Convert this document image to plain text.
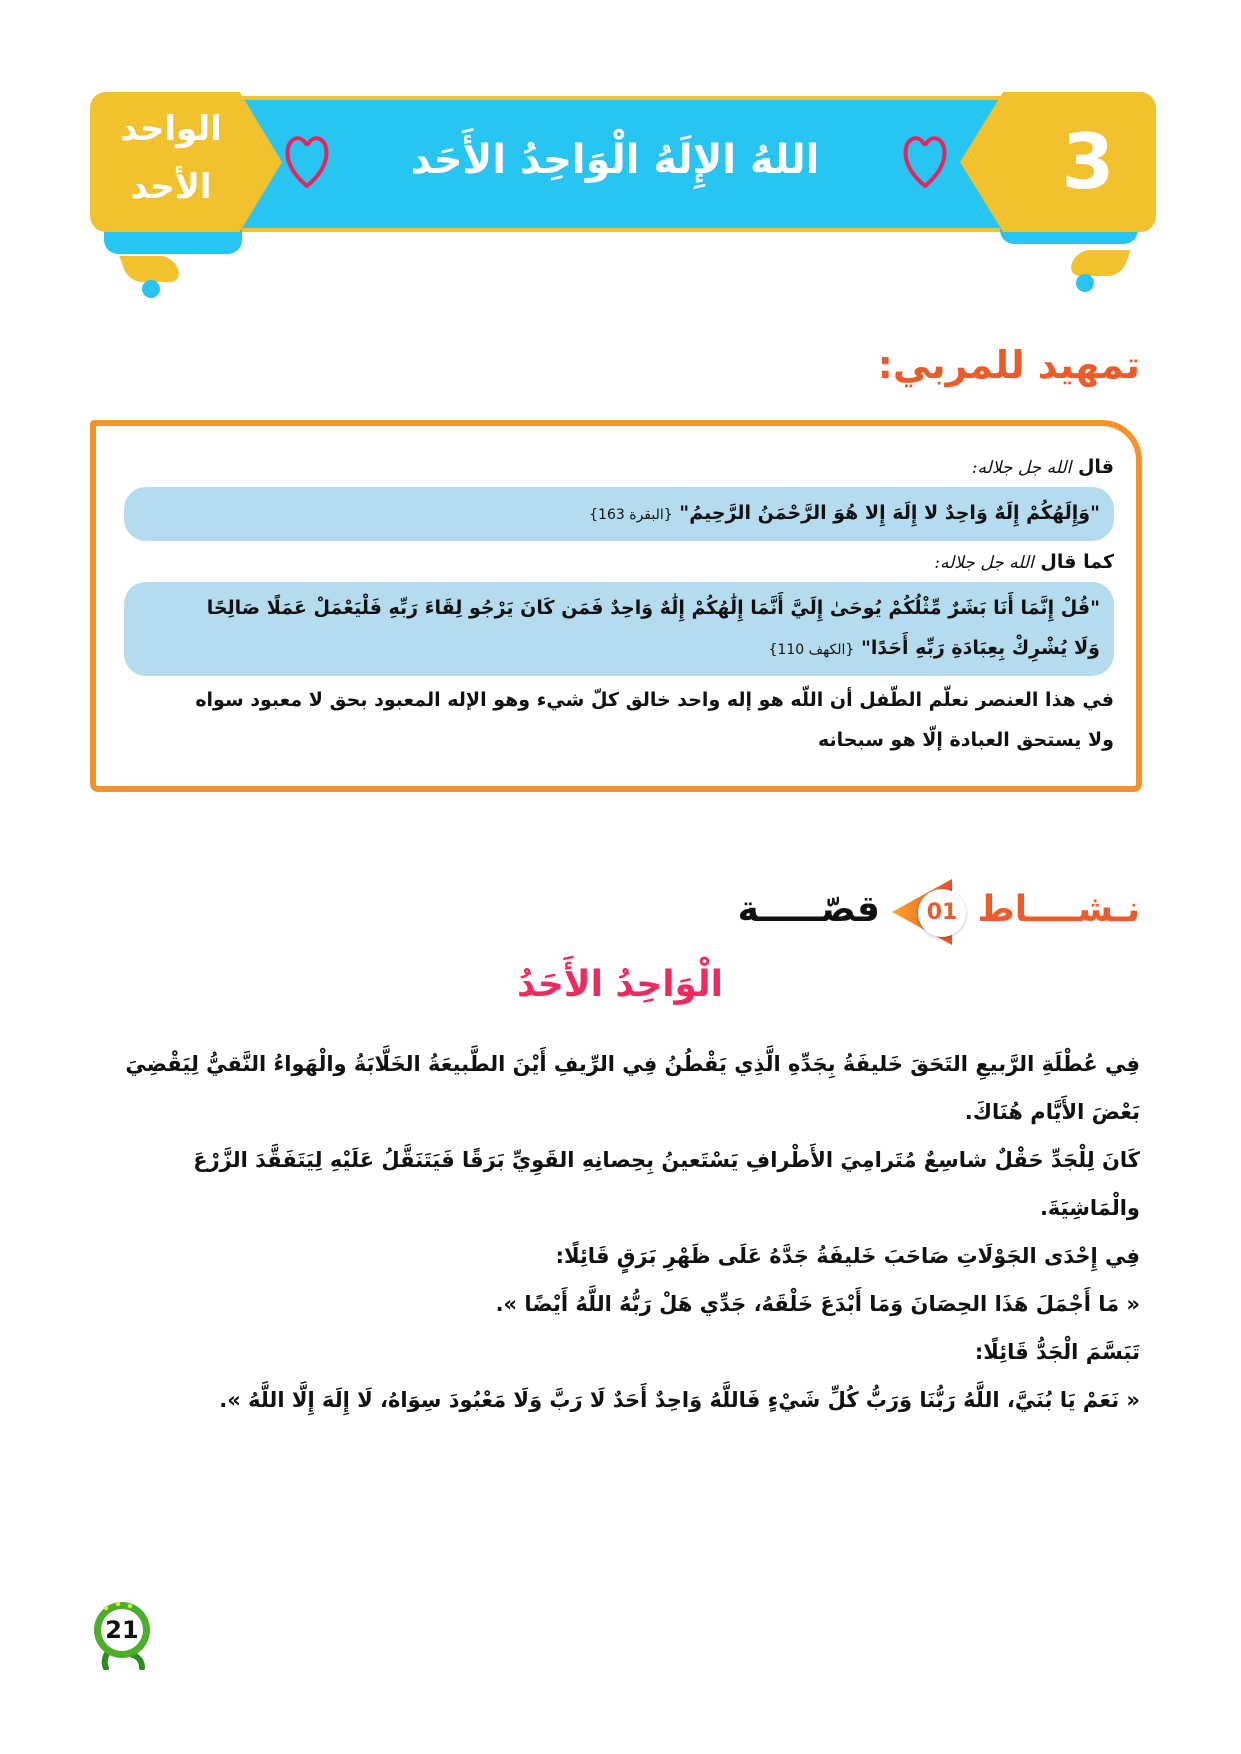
اللهُ الإِلَهُ الْوَاحِدُ الأَحَد	3
الواحد
الأحد
تمهيد للمربي:
قال الله جل جلاله:
"وَإِلَهُكُمْ إِلَهٌ وَاحِدٌ لا إِلَهَ إِلا هُوَ الرَّحْمَنُ الرَّحِيمُ" {البقرة 163}
كما قال الله جل جلاله:
"قُلْ إِنَّمَا أَنَا بَشَرٌ مِّثْلُكُمْ يُوحَىٰ إِلَيَّ أَنَّمَا إِلَٰهُكُمْ إِلَٰهٌ وَاحِدٌ فَمَن كَانَ يَرْجُو لِقَاءَ رَبِّهِ فَلْيَعْمَلْ عَمَلًا صَالِحًا
وَلَا يُشْرِكْ بِعِبَادَةِ رَبِّهِ أَحَدًا" {الكهف 110}
في هذا العنصر نعلّم الطّفل أن اللّه هو إله واحد خالق كلّ شيء وهو الإله المعبود بحق لا معبود سواه
ولا يستحق العبادة إلّا هو سبحانه
نـشــــاط
01
قصّـــــة
الْوَاحِدُ الأَحَدُ

فِي عُطْلَةِ الرَّبيعِ التَحَقَ خَليفَةُ بِجَدِّهِ الَّذِي يَقْطُنُ فِي الرِّيفِ أَيْنَ الطَّبيعَةُ الخَلَّابَةُ والْهَواءُ النَّقيُّ لِيَقْضِيَ

بَعْضَ الأَيَّام هُنَاكَ.

كَانَ لِلْجَدِّ حَقْلٌ شاسِعٌ مُتَرامِيَ الأَطْرافِ يَسْتَعينُ بِحِصانِهِ القَوِيِّ بَرَقًا فَيَتَنَقَّلُ عَلَيْهِ لِيَتَفَقَّدَ الزَّرْعَ والْمَاشِيَةَ.

فِي إِحْدَى الجَوْلَاتِ صَاحَبَ خَليفَةُ جَدَّهُ عَلَى ظَهْرِ بَرَقٍ قَائِلًا:

« مَا أَجْمَلَ هَذَا الحِصَانَ وَمَا أَبْدَعَ خَلْقَهُ، جَدِّي هَلْ رَبُّهُ اللَّهُ أَيْضًا ».

تَبَسَّمَ الْجَدُّ قَائِلًا:

« نَعَمْ يَا بُنَيَّ، اللَّهُ رَبُّنَا وَرَبُّ كُلِّ شَيْءٍ فَاللَّهُ وَاحِدٌ أَحَدٌ لَا رَبَّ وَلَا مَعْبُودَ سِوَاهُ، لَا إِلَهَ إِلَّا اللَّهُ ».

21
